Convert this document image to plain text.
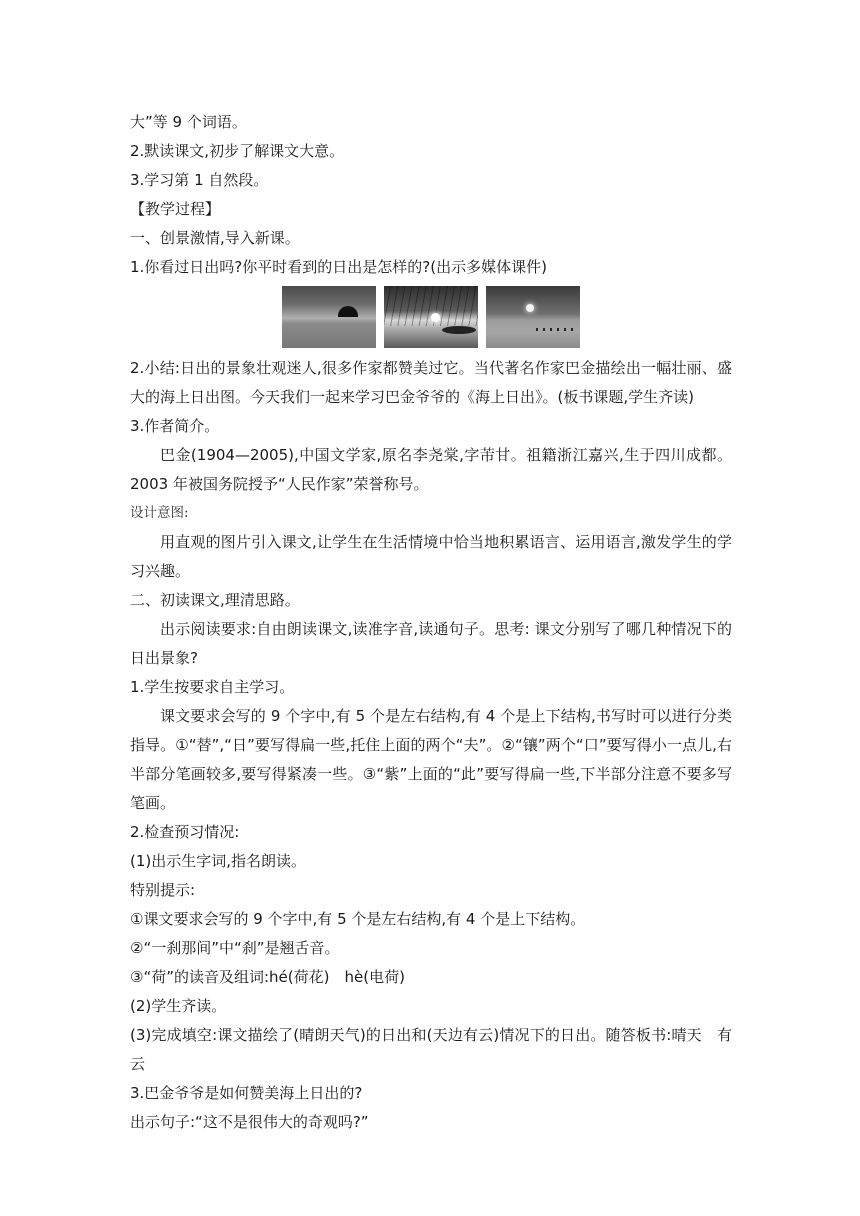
大”等 9 个词语。
2.默读课文,初步了解课文大意。
3.学习第 1 自然段。
【教学过程】
一、创景激情,导入新课。
1.你看过日出吗?你平时看到的日出是怎样的?(出示多媒体课件)
2.小结:日出的景象壮观迷人,很多作家都赞美过它。当代著名作家巴金描绘出一幅壮丽、盛大的海上日出图。今天我们一起来学习巴金爷爷的《海上日出》。(板书课题,学生齐读)
3.作者简介。
巴金(1904—2005),中国文学家,原名李尧棠,字芾甘。祖籍浙江嘉兴,生于四川成都。2003 年被国务院授予“人民作家”荣誉称号。
设计意图:
用直观的图片引入课文,让学生在生活情境中恰当地积累语言、运用语言,激发学生的学习兴趣。
二、初读课文,理清思路。
出示阅读要求:自由朗读课文,读准字音,读通句子。思考: 课文分别写了哪几种情况下的日出景象?
1.学生按要求自主学习。
课文要求会写的 9 个字中,有 5 个是左右结构,有 4 个是上下结构,书写时可以进行分类指导。①“替”,“日”要写得扁一些,托住上面的两个“夫”。②“镶”两个“口”要写得小一点儿,右半部分笔画较多,要写得紧凑一些。③“紫”上面的“此”要写得扁一些,下半部分注意不要多写笔画。
2.检查预习情况:
(1)出示生字词,指名朗读。
特别提示:
①课文要求会写的 9 个字中,有 5 个是左右结构,有 4 个是上下结构。
②“一刹那间”中“刹”是翘舌音。
③“荷”的读音及组词:hé(荷花)　hè(电荷)
(2)学生齐读。
(3)完成填空:课文描绘了(晴朗天气)的日出和(天边有云)情况下的日出。随答板书:晴天　有云
3.巴金爷爷是如何赞美海上日出的?
出示句子:“这不是很伟大的奇观吗?”
